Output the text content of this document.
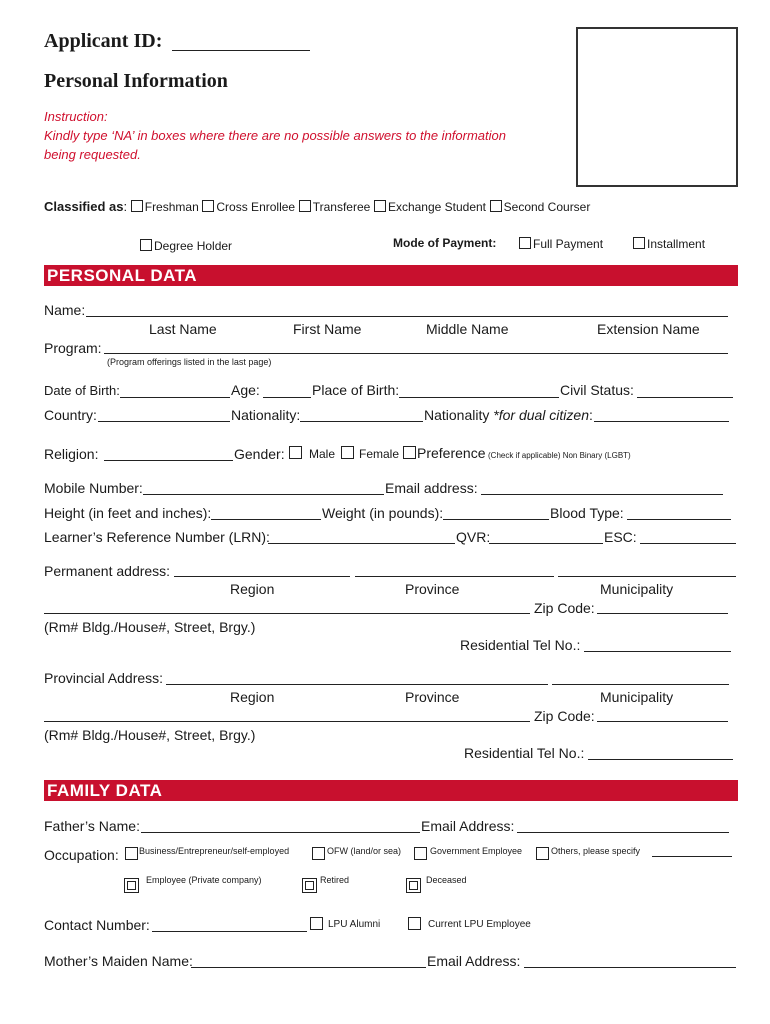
Applicant ID:
Personal Information
Instruction:
Kindly type ‘NA’ in boxes where there are no possible answers to the information
being requested.
Classified as: Freshman Cross Enrollee Transferee Exchange Student Second Courser
Degree Holder	Mode of Payment:	Full Payment	Installment
PERSONAL DATA
Name:
Last Name	First Name	Middle Name	Extension Name
Program:
(Program offerings listed in the last page)
Date of Birth:	Age:	Place of Birth:	Civil Status:
Country:	Nationality:	Nationality *for dual citizen:
Religion:	Gender: Male Female Preference (Check if applicable) Non Binary (LGBT)
Mobile Number:	Email address:
Height (in feet and inches):	Weight (in pounds):	Blood Type:
Learner’s Reference Number (LRN):	QVR:	ESC:
Permanent address:
Region	Province	Municipality
Zip Code:
(Rm# Bldg./House#, Street, Brgy.)
Residential Tel No.:
Provincial Address:
Region	Province	Municipality
Zip Code:
(Rm# Bldg./House#, Street, Brgy.)
Residential Tel No.:
FAMILY DATA
Father’s Name:	Email Address:
Occupation: Business/Entrepreneur/self-employed	OFW (land/or sea)	Government Employee	Others, please specify
Employee (Private company)	Retired	Deceased
Contact Number:	LPU Alumni	Current LPU Employee
Mother’s Maiden Name:	Email Address:
